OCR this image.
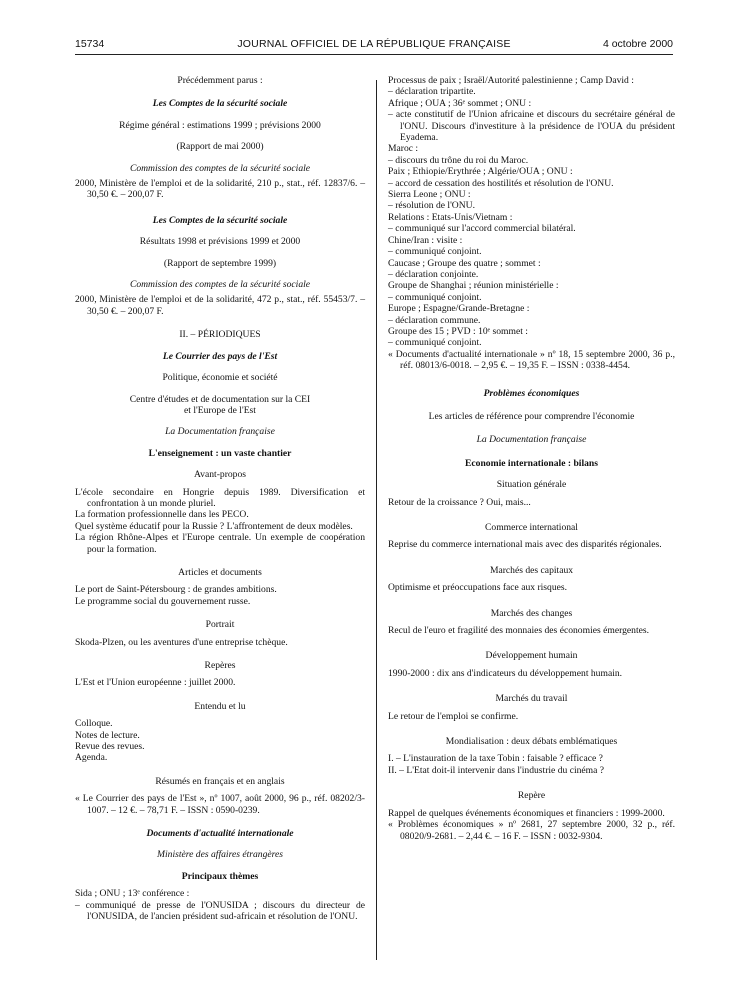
15734	JOURNAL OFFICIEL DE LA RÉPUBLIQUE FRANÇAISE	4 octobre 2000

Précédemment parus :

Les Comptes de la sécurité sociale

Régime général : estimations 1999 ; prévisions 2000

(Rapport de mai 2000)

Commission des comptes de la sécurité sociale

2000, Ministère de l'emploi et de la solidarité, 210 p., stat., réf. 12837/6. – 30,50 €. – 200,07 F.

Les Comptes de la sécurité sociale

Résultats 1998 et prévisions 1999 et 2000

(Rapport de septembre 1999)

Commission des comptes de la sécurité sociale

2000, Ministère de l'emploi et de la solidarité, 472 p., stat., réf. 55453/7. – 30,50 €. – 200,07 F.

II. – PÉRIODIQUES

Le Courrier des pays de l'Est

Politique, économie et société

Centre d'études et de documentation sur la CEI

et l'Europe de l'Est

La Documentation française

L'enseignement : un vaste chantier

Avant-propos

L'école secondaire en Hongrie depuis 1989. Diversification et confrontation à un monde pluriel.

La formation professionnelle dans les PECO.

Quel système éducatif pour la Russie ? L'affrontement de deux modèles.

La région Rhône-Alpes et l'Europe centrale. Un exemple de coopération pour la formation.

Articles et documents

Le port de Saint-Pétersbourg : de grandes ambitions.

Le programme social du gouvernement russe.

Portrait

Skoda-Plzen, ou les aventures d'une entreprise tchèque.

Repères

L'Est et l'Union européenne : juillet 2000.

Entendu et lu

Colloque.

Notes de lecture.

Revue des revues.

Agenda.

Résumés en français et en anglais

« Le Courrier des pays de l'Est », nº 1007, août 2000, 96 p., réf. 08202/3-1007. – 12 €. – 78,71 F. – ISSN : 0590-0239.

Documents d'actualité internationale

Ministère des affaires étrangères

Principaux thèmes

Sida ; ONU ; 13ᵉ conférence :

– communiqué de presse de l'ONUSIDA ; discours du directeur de l'ONUSIDA, de l'ancien président sud-africain et résolution de l'ONU.

Processus de paix ; Israël/Autorité palestinienne ; Camp David :

– déclaration tripartite.

Afrique ; OUA ; 36ᵉ sommet ; ONU :

– acte constitutif de l'Union africaine et discours du secrétaire général de l'ONU. Discours d'investiture à la présidence de l'OUA du président Eyadema.

Maroc :

– discours du trône du roi du Maroc.

Paix ; Ethiopie/Erythrée ; Algérie/OUA ; ONU :

– accord de cessation des hostilités et résolution de l'ONU.

Sierra Leone ; ONU :

– résolution de l'ONU.

Relations : Etats-Unis/Vietnam :

– communiqué sur l'accord commercial bilatéral.

Chine/Iran : visite :

– communiqué conjoint.

Caucase ; Groupe des quatre ; sommet :

– déclaration conjointe.

Groupe de Shanghai ; réunion ministérielle :

– communiqué conjoint.

Europe ; Espagne/Grande-Bretagne :

– déclaration commune.

Groupe des 15 ; PVD : 10ᵉ sommet :

– communiqué conjoint.

« Documents d'actualité internationale » nº 18, 15 septembre 2000, 36 p., réf. 08013/6-0018. – 2,95 €. – 19,35 F. – ISSN : 0338-4454.

Problèmes économiques

Les articles de référence pour comprendre l'économie

La Documentation française

Economie internationale : bilans

Situation générale

Retour de la croissance ? Oui, mais...

Commerce international

Reprise du commerce international mais avec des disparités régionales.

Marchés des capitaux

Optimisme et préoccupations face aux risques.

Marchés des changes

Recul de l'euro et fragilité des monnaies des économies émergentes.

Développement humain

1990-2000 : dix ans d'indicateurs du développement humain.

Marchés du travail

Le retour de l'emploi se confirme.

Mondialisation : deux débats emblématiques

I. – L'instauration de la taxe Tobin : faisable ? efficace ?

II. – L'Etat doit-il intervenir dans l'industrie du cinéma ?

Repère

Rappel de quelques événements économiques et financiers : 1999-2000.

« Problèmes économiques » nº 2681, 27 septembre 2000, 32 p., réf. 08020/9-2681. – 2,44 €. – 16 F. – ISSN : 0032-9304.
